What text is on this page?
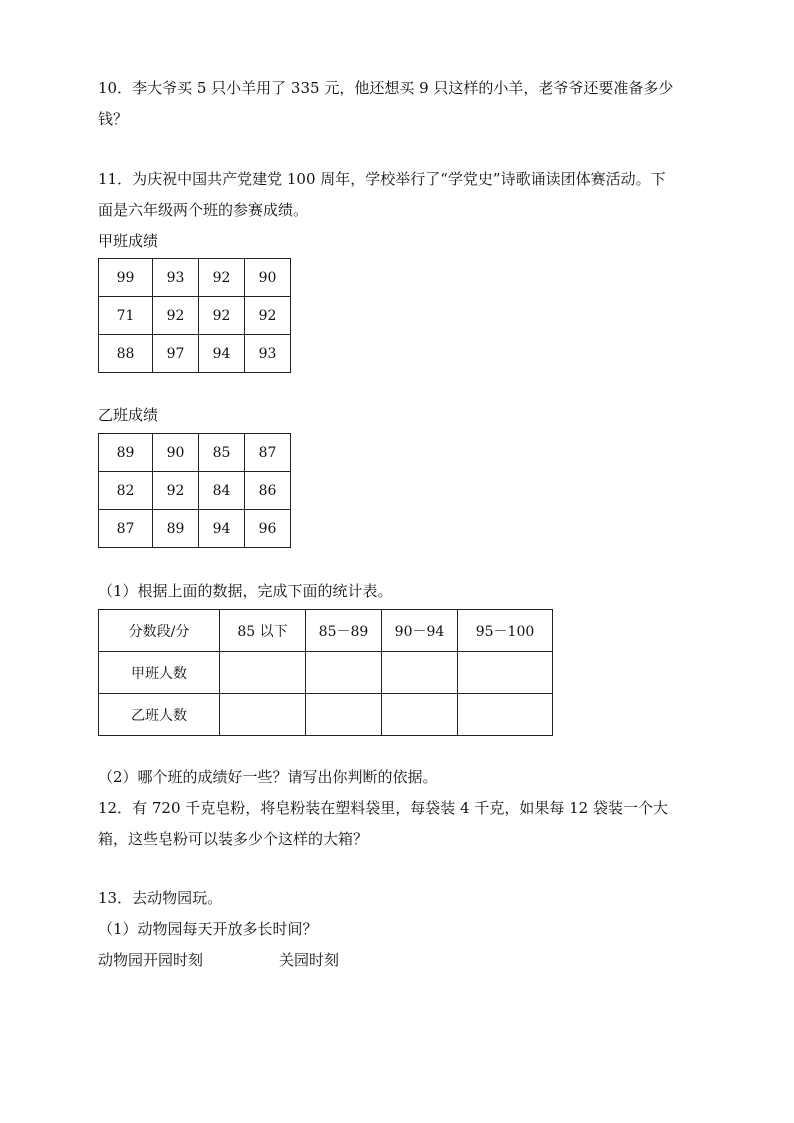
10．李大爷买 5 只小羊用了 335 元，他还想买 9 只这样的小羊，老爷爷还要准备多少
钱？
11．为庆祝中国共产党建党 100 周年，学校举行了“学党史”诗歌诵读团体赛活动。下
面是六年级两个班的参赛成绩。
甲班成绩
99	93	92	90
71	92	92	92
88	97	94	93
乙班成绩
89	90	85	87
82	92	84	86
87	89	94	96
（1）根据上面的数据，完成下面的统计表。
分数段/分	85 以下	85－89	90－94	95－100
甲班人数				
乙班人数				
（2）哪个班的成绩好一些？请写出你判断的依据。
12．有 720 千克皂粉，将皂粉装在塑料袋里，每袋装 4 千克，如果每 12 袋装一个大
箱，这些皂粉可以装多少个这样的大箱？
13．去动物园玩。
（1）动物园每天开放多长时间？
动物园开园时刻	关园时刻
